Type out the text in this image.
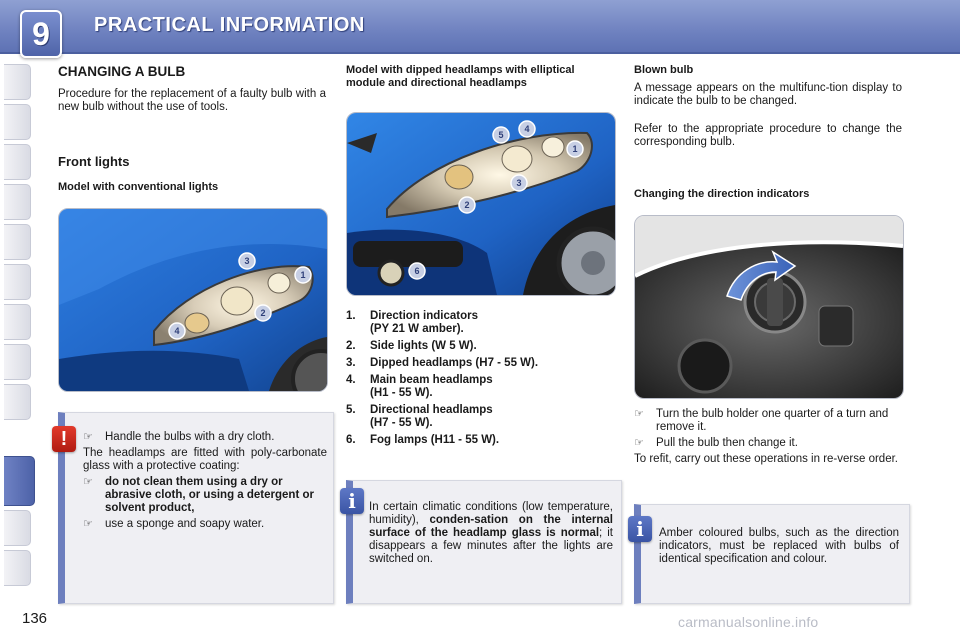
9	PRACTICAL INFORMATION
CHANGING A BULB

Procedure for the replacement of a faulty bulb with a new bulb without the use of tools.

Front lights
Model with conventional lights
3
1
2
4
☞	Handle the bulbs with a dry cloth.

The headlamps are fitted with poly-carbonate glass with a protective coating:

☞	do not clean them using a dry or abrasive cloth, or using a detergent or solvent product,
☞	use a sponge and soapy water.
!
Model with dipped headlamps with elliptical module and directional headlamps
5
4
1
3
2
6
1.	Direction indicators
(PY 21 W amber).
2.	Side lights (W 5 W).
3.	Dipped headlamps (H7 - 55 W).
4.	Main beam headlamps
(H1 - 55 W).
5.	Directional headlamps
(H7 - 55 W).
6.	Fog lamps (H11 - 55 W).

In certain climatic conditions (low temperature, humidity), conden-sation on the internal surface of the headlamp glass is normal; it disappears a few minutes after the lights are switched on.

i
Blown bulb

A message appears on the multifunc-tion display to indicate the bulb to be changed.

Refer to the appropriate procedure to change the corresponding bulb.

Changing the direction indicators
☞	Turn the bulb holder one quarter of a turn and remove it.
☞	Pull the bulb then change it.

To refit, carry out these operations in re-verse order.

Amber coloured bulbs, such as the direction indicators, must be replaced with bulbs of identical specification and colour.

i
136	carmanualsonline.info
